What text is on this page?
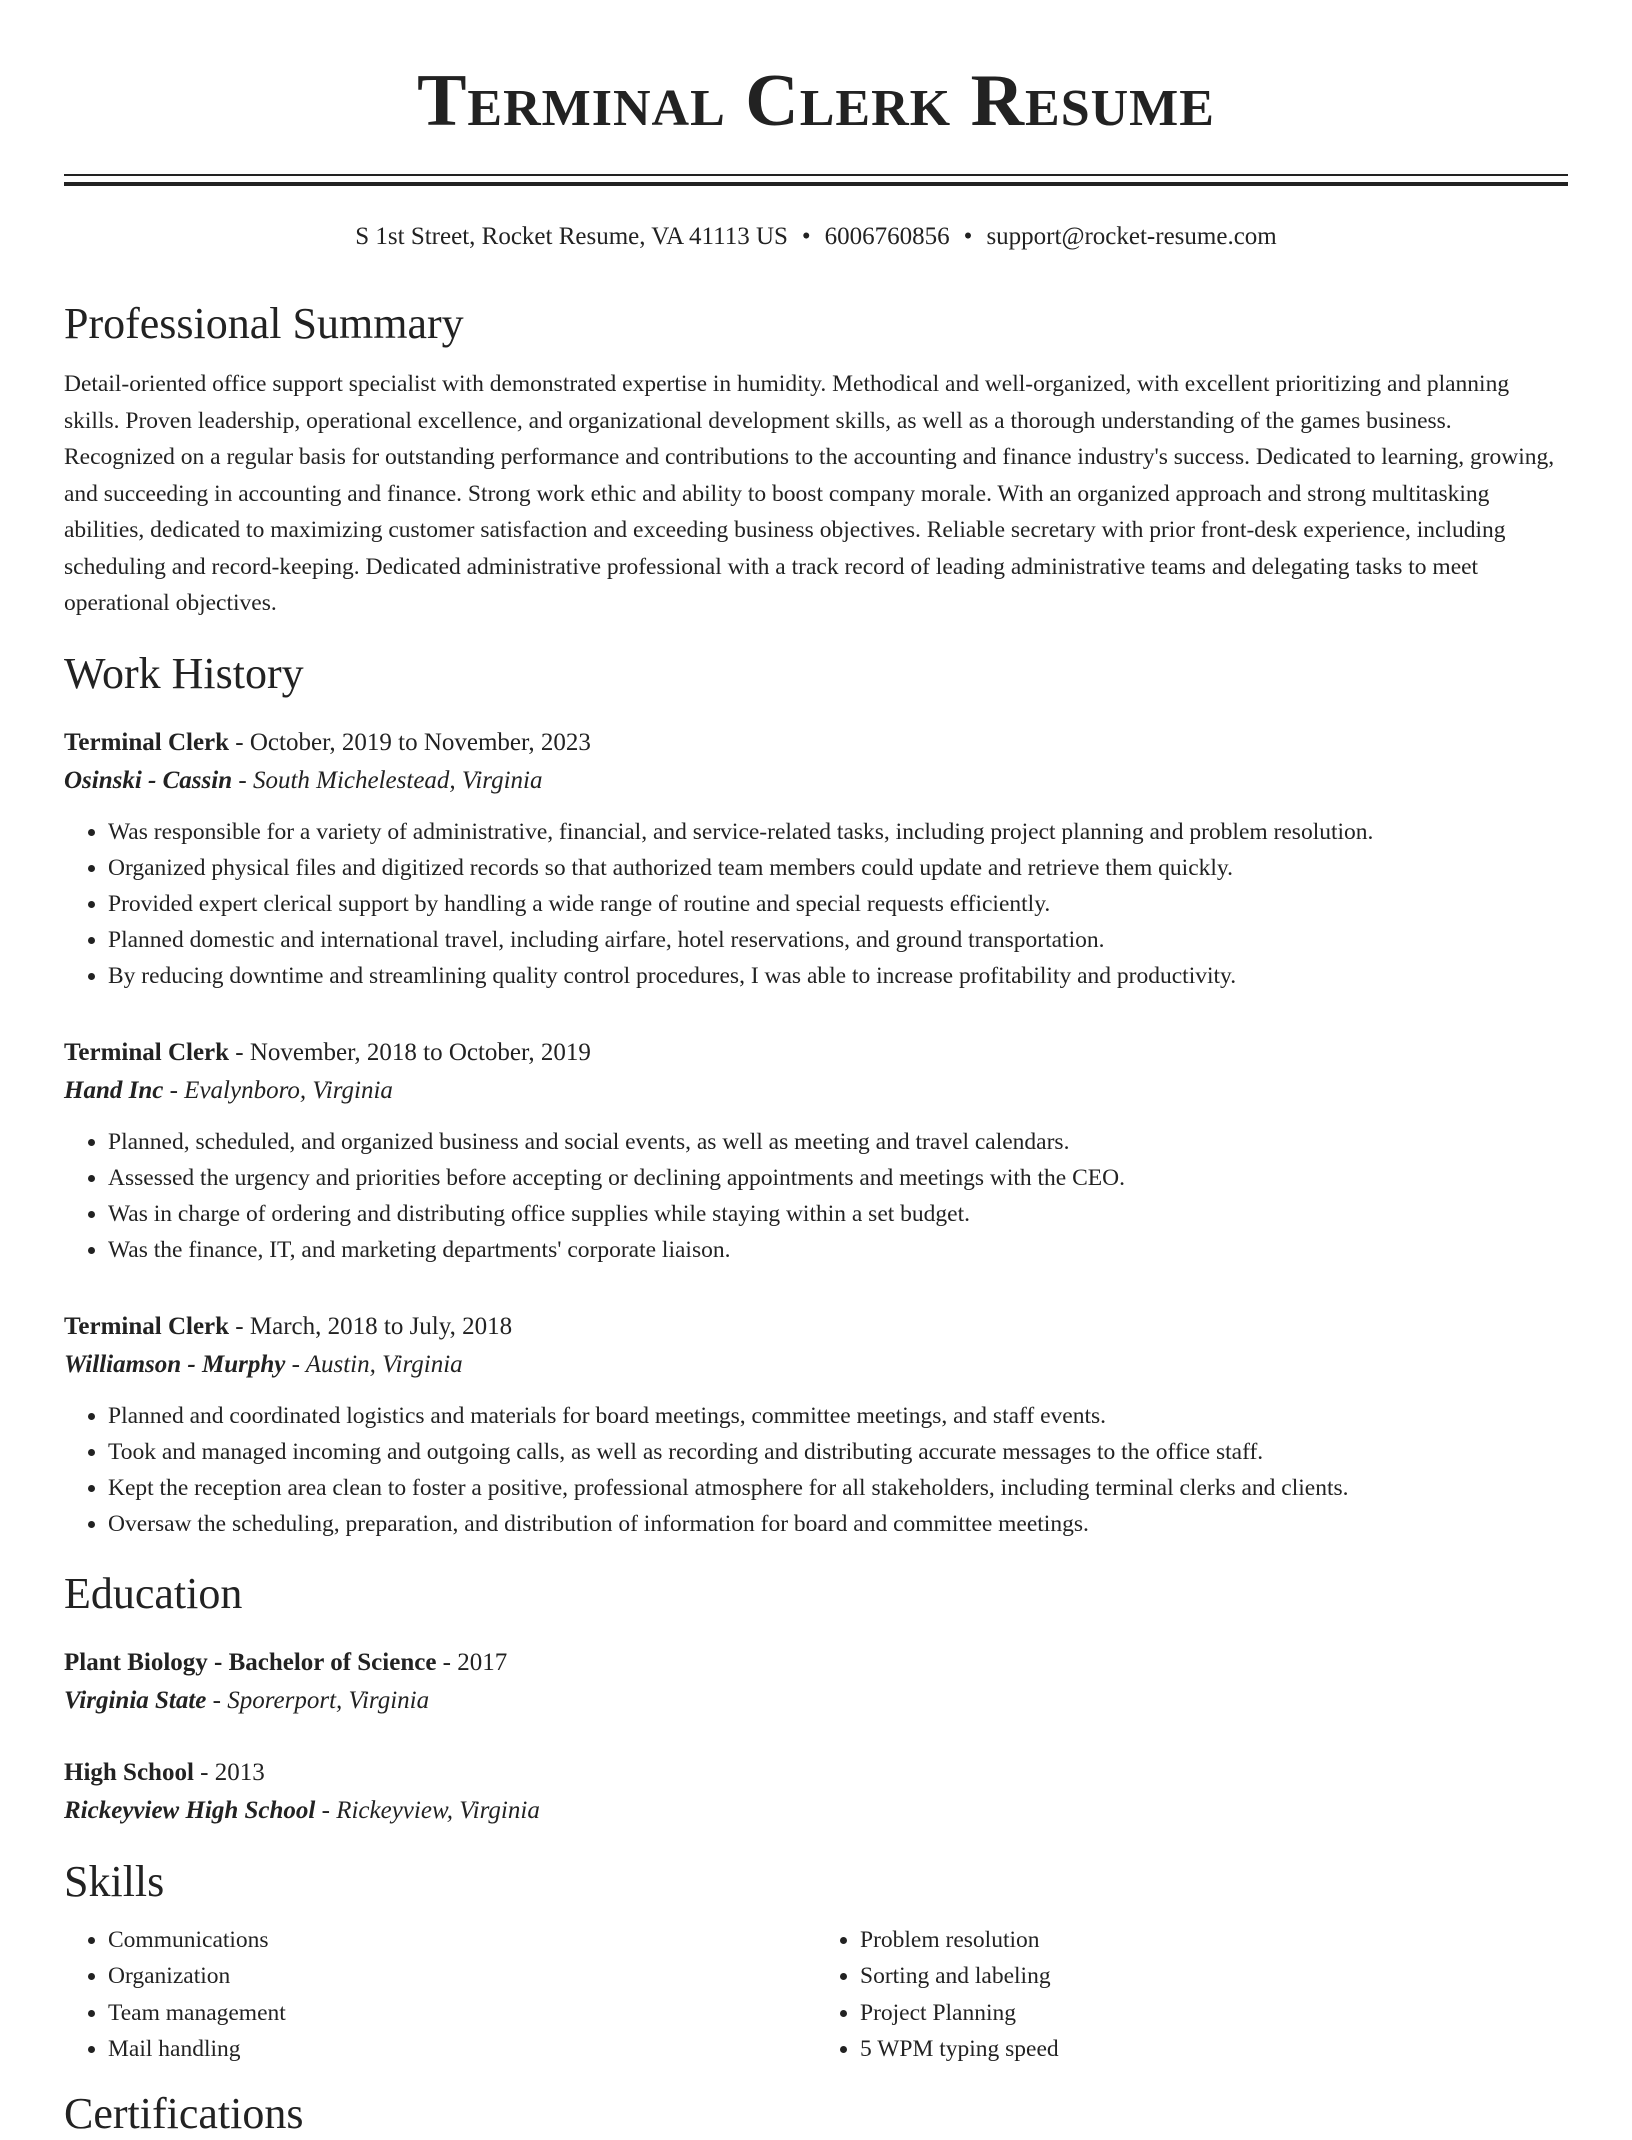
Terminal Clerk Resume
S 1st Street, Rocket Resume, VA 41113 US • 6006760856 • support@rocket-resume.com
Professional Summary
Detail-oriented office support specialist with demonstrated expertise in humidity. Methodical and well-organized, with excellent prioritizing and planning skills. Proven leadership, operational excellence, and organizational development skills, as well as a thorough understanding of the games business. Recognized on a regular basis for outstanding performance and contributions to the accounting and finance industry's success. Dedicated to learning, growing, and succeeding in accounting and finance. Strong work ethic and ability to boost company morale. With an organized approach and strong multitasking abilities, dedicated to maximizing customer satisfaction and exceeding business objectives. Reliable secretary with prior front-desk experience, including scheduling and record-keeping. Dedicated administrative professional with a track record of leading administrative teams and delegating tasks to meet operational objectives.
Work History
Terminal Clerk - October, 2019 to November, 2023
Osinski - Cassin - South Michelestead, Virginia
• Was responsible for a variety of administrative, financial, and service-related tasks, including project planning and problem resolution.
• Organized physical files and digitized records so that authorized team members could update and retrieve them quickly.
• Provided expert clerical support by handling a wide range of routine and special requests efficiently.
• Planned domestic and international travel, including airfare, hotel reservations, and ground transportation.
• By reducing downtime and streamlining quality control procedures, I was able to increase profitability and productivity.
Terminal Clerk - November, 2018 to October, 2019
Hand Inc - Evalynboro, Virginia
• Planned, scheduled, and organized business and social events, as well as meeting and travel calendars.
• Assessed the urgency and priorities before accepting or declining appointments and meetings with the CEO.
• Was in charge of ordering and distributing office supplies while staying within a set budget.
• Was the finance, IT, and marketing departments' corporate liaison.
Terminal Clerk - March, 2018 to July, 2018
Williamson - Murphy - Austin, Virginia
• Planned and coordinated logistics and materials for board meetings, committee meetings, and staff events.
• Took and managed incoming and outgoing calls, as well as recording and distributing accurate messages to the office staff.
• Kept the reception area clean to foster a positive, professional atmosphere for all stakeholders, including terminal clerks and clients.
• Oversaw the scheduling, preparation, and distribution of information for board and committee meetings.
Education
Plant Biology - Bachelor of Science - 2017
Virginia State - Sporerport, Virginia
High School - 2013
Rickeyview High School - Rickeyview, Virginia
Skills
• Communications
• Organization
• Team management
• Mail handling
• Problem resolution
• Sorting and labeling
• Project Planning
• 5 WPM typing speed
Certifications
